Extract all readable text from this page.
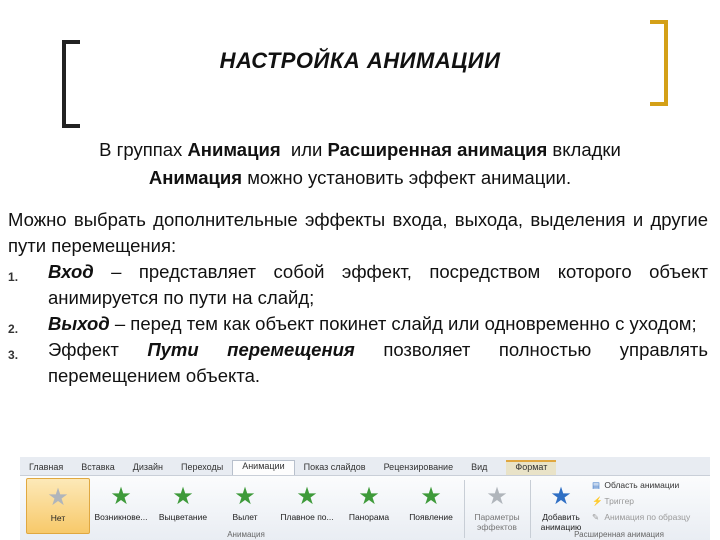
НАСТРОЙКА АНИМАЦИИ
В группах Анимация  или Расширенная анимация вкладки
Анимация можно установить эффект анимации.
Можно выбрать дополнительные эффекты входа, выхода, выделения и другие пути перемещения:
1 . Вход – представляет собой эффект, посредством которого объект анимируется по пути на слайд;
2 . Выход – перед тем как объект покинет слайд или одновременно с уходом;
3 . Эффект Пути перемещения позволяет полностью управлять перемещением объекта.
Главная	Вставка	Дизайн	Переходы	Анимации	Показ слайдов	Рецензирование	Вид	Формат
★
Нет
★
Возникнове...
★
Выцветание
★
Вылет
★
Плавное по...
★
Панорама
★
Появление
★
Параметры эффектов
Анимация
★
Добавить анимацию
▤ Область анимации
⚡ Триггер
✎ Анимация по образцу
Расширенная анимация
